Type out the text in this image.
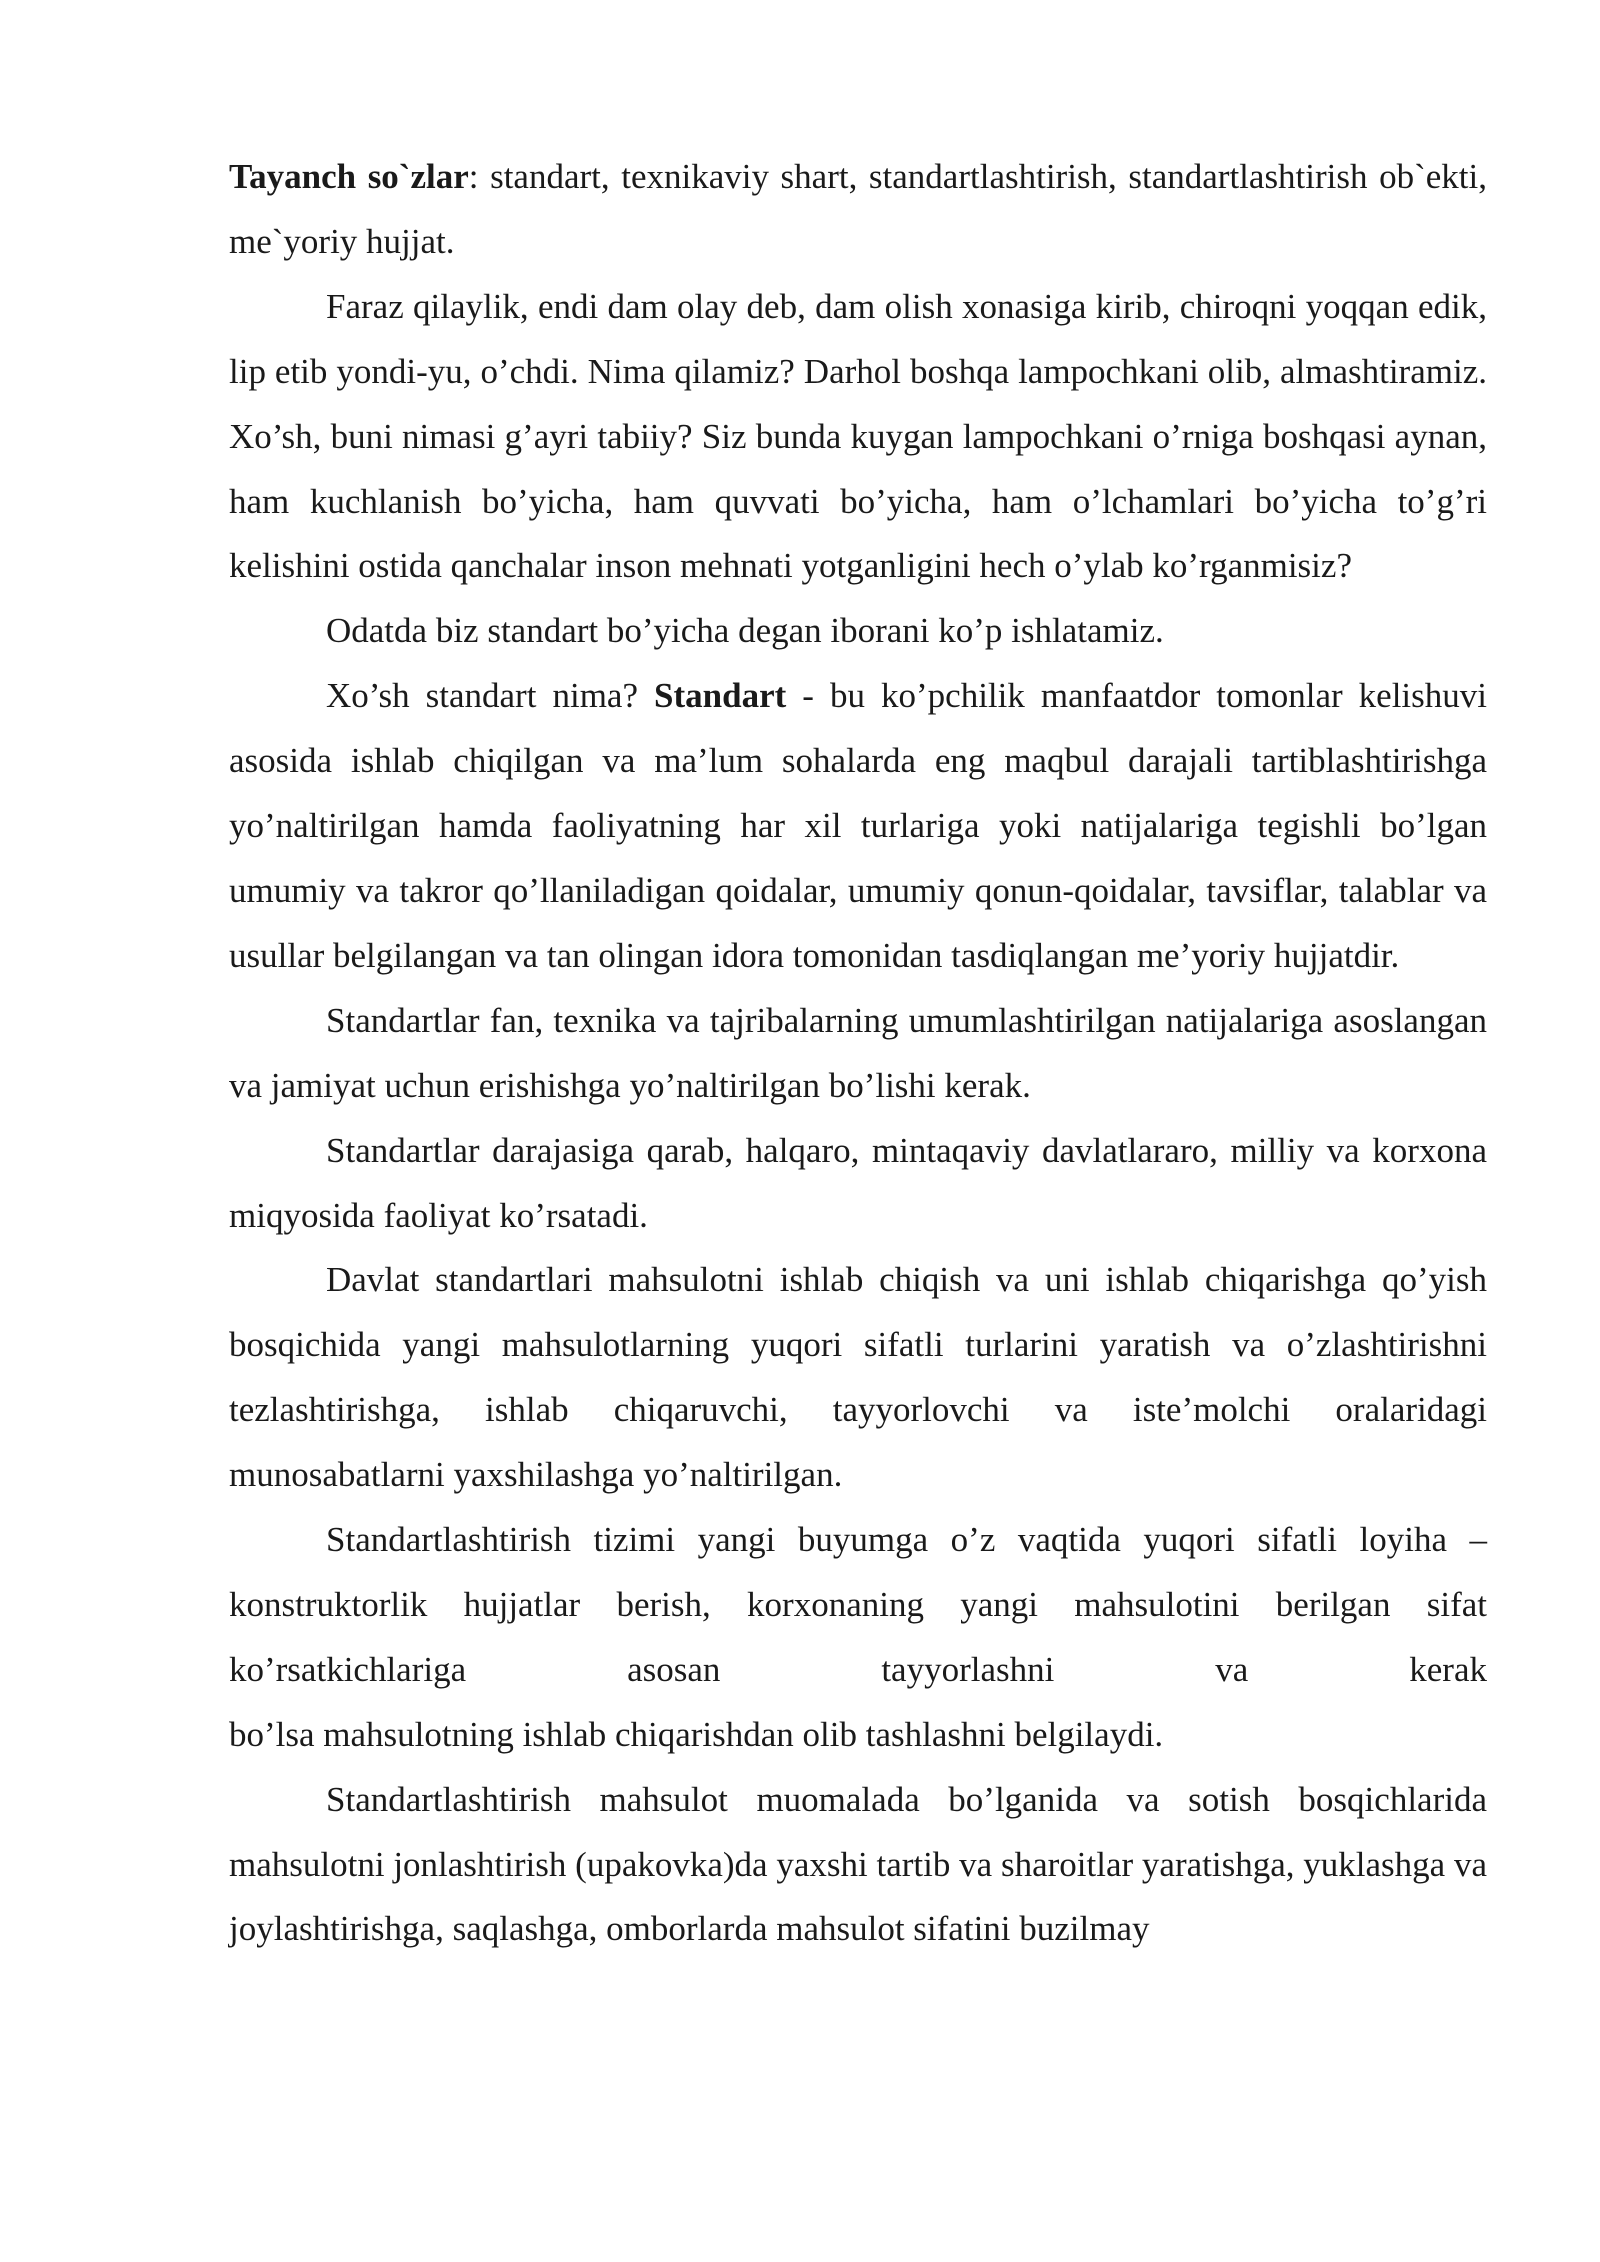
Tayanch so`zlar: standart, texnikaviy shart, standartlashtirish, standartlashtirish ob`ekti, me`yoriy hujjat.

Faraz qilaylik, endi dam olay deb, dam olish xonasiga kirib, chiroqni yoqqan edik, lip etib yondi-yu, o’chdi. Nima qilamiz? Darhol boshqa lampochkani olib, almashtiramiz. Xo’sh, buni nimasi g’ayri tabiiy? Siz bunda kuygan lampochkani o’rniga boshqasi aynan, ham kuchlanish bo’yicha, ham quvvati bo’yicha, ham o’lchamlari bo’yicha to’g’ri kelishini ostida qanchalar inson mehnati yotganligini hech o’ylab ko’rganmisiz?

Odatda biz standart bo’yicha degan iborani ko’p ishlatamiz.

Xo’sh standart nima? Standart - bu ko’pchilik manfaatdor tomonlar kelishuvi asosida ishlab chiqilgan va ma’lum sohalarda eng maqbul darajali tartiblashtirishga yo’naltirilgan hamda faoliyatning har xil turlariga yoki natijalariga tegishli bo’lgan umumiy va takror qo’llaniladigan qoidalar, umumiy qonun-qoidalar, tavsiflar, talablar va usullar belgilangan va tan olingan idora tomonidan tasdiqlangan me’yoriy hujjatdir.

Standartlar fan, texnika va tajribalarning umumlashtirilgan natijalariga asoslangan va jamiyat uchun erishishga yo’naltirilgan bo’lishi kerak.

Standartlar darajasiga qarab, halqaro, mintaqaviy davlatlararo, milliy va korxona miqyosida faoliyat ko’rsatadi.

Davlat standartlari mahsulotni ishlab chiqish va uni ishlab chiqarishga qo’yish bosqichida yangi mahsulotlarning yuqori sifatli turlarini yaratish va o’zlashtirishni tezlashtirishga, ishlab chiqaruvchi, tayyorlovchi va iste’molchi oralaridagi munosabatlarni yaxshilashga yo’naltirilgan.

Standartlashtirish tizimi yangi buyumga o’z vaqtida yuqori sifatli loyiha – konstruktorlik hujjatlar berish, korxonaning yangi mahsulotini berilgan sifat ko’rsatkichlariga asosan tayyorlashni va kerak
bo’lsa mahsulotning ishlab chiqarishdan olib tashlashni belgilaydi.

Standartlashtirish mahsulot muomalada bo’lganida va sotish bosqichlarida mahsulotni jonlashtirish (upakovka)da yaxshi tartib va sharoitlar yaratishga, yuklashga va joylashtirishga, saqlashga, omborlarda mahsulot sifatini buzilmay
